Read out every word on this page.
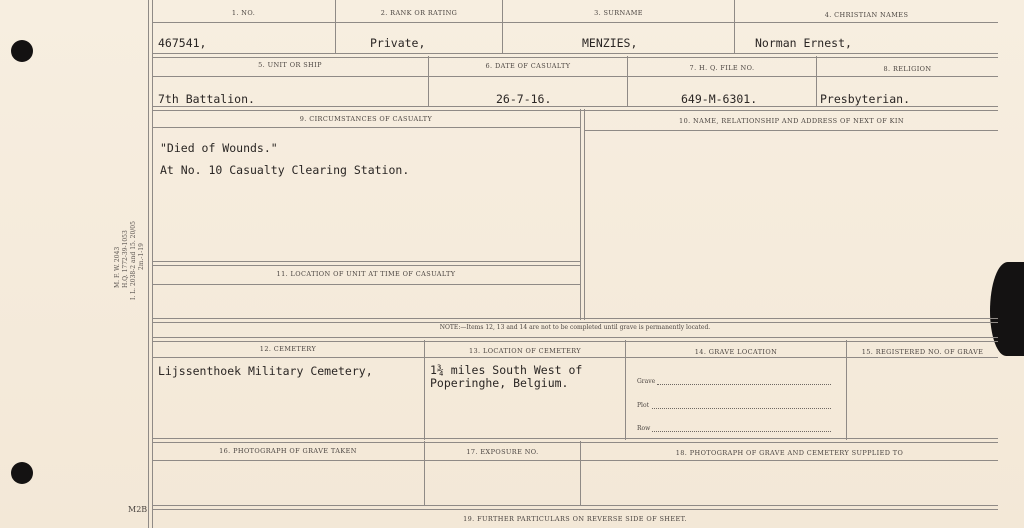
M. F. W. 2043 H.Q. 1772-39-1053 I. L. 2038-2 and 15. 20/05 2m.-1-19
1. NO.	2. RANK OR RATING	3. SURNAME	4. CHRISTIAN NAMES
467541,	Private,	MENZIES,	Norman Ernest,
5. UNIT OR SHIP	6. DATE OF CASUALTY	7. H. Q. FILE NO.	8. RELIGION
7th Battalion.	26-7-16.	649-M-6301.	Presbyterian.
9. CIRCUMSTANCES OF CASUALTY	10. NAME, RELATIONSHIP AND ADDRESS OF NEXT OF KIN
"Died of Wounds."
At No. 10 Casualty Clearing Station.
11. LOCATION OF UNIT AT TIME OF CASUALTY
NOTE:—Items 12, 13 and 14 are not to be completed until grave is permanently located.
12. CEMETERY	13. LOCATION OF CEMETERY	14. GRAVE LOCATION	15. REGISTERED NO. OF GRAVE
Lijssenthoek Military Cemetery,	1¾ miles South West of
Poperinghe, Belgium.	Grave
Plot
Row
16. PHOTOGRAPH OF GRAVE TAKEN	17. EXPOSURE NO.	18. PHOTOGRAPH OF GRAVE AND CEMETERY SUPPLIED TO
19. FURTHER PARTICULARS ON REVERSE SIDE OF SHEET.
M2B
